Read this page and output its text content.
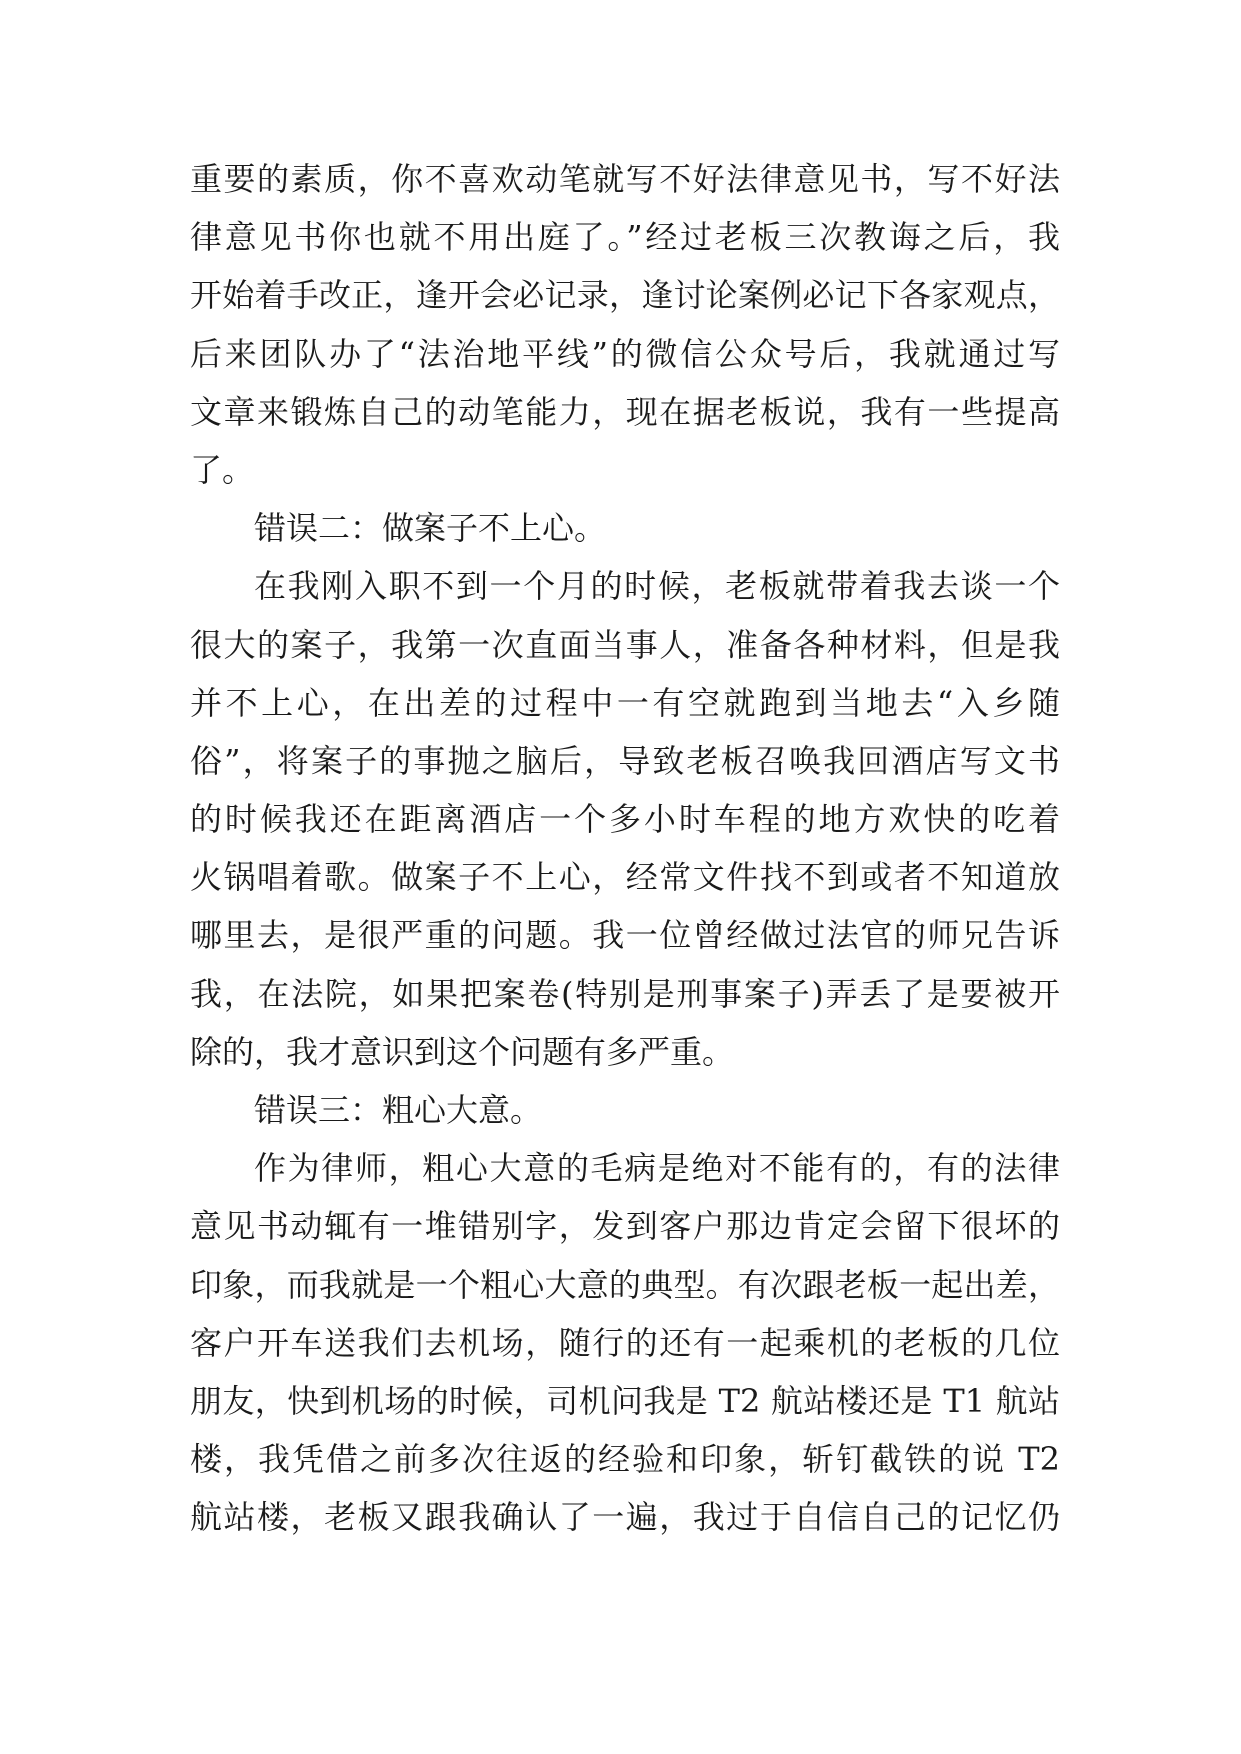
重要的素质，你不喜欢动笔就写不好法律意见书，写不好法
律意见书你也就不用出庭了。”经过老板三次教诲之后，我
开始着手改正，逢开会必记录，逢讨论案例必记下各家观点，
后来团队办了“法治地平线”的微信公众号后，我就通过写
文章来锻炼自己的动笔能力，现在据老板说，我有一些提高
了。
错误二：做案子不上心。
在我刚入职不到一个月的时候，老板就带着我去谈一个
很大的案子，我第一次直面当事人，准备各种材料，但是我
并不上心，在出差的过程中一有空就跑到当地去“入乡随
俗”，将案子的事抛之脑后，导致老板召唤我回酒店写文书
的时候我还在距离酒店一个多小时车程的地方欢快的吃着
火锅唱着歌。做案子不上心，经常文件找不到或者不知道放
哪里去，是很严重的问题。我一位曾经做过法官的师兄告诉
我，在法院，如果把案卷(特别是刑事案子)弄丢了是要被开
除的，我才意识到这个问题有多严重。
错误三：粗心大意。
作为律师，粗心大意的毛病是绝对不能有的，有的法律
意见书动辄有一堆错别字，发到客户那边肯定会留下很坏的
印象，而我就是一个粗心大意的典型。有次跟老板一起出差，
客户开车送我们去机场，随行的还有一起乘机的老板的几位
朋友，快到机场的时候，司机问我是 T2 航站楼还是 T1 航站
楼，我凭借之前多次往返的经验和印象，斩钉截铁的说 T2
航站楼，老板又跟我确认了一遍，我过于自信自己的记忆仍
